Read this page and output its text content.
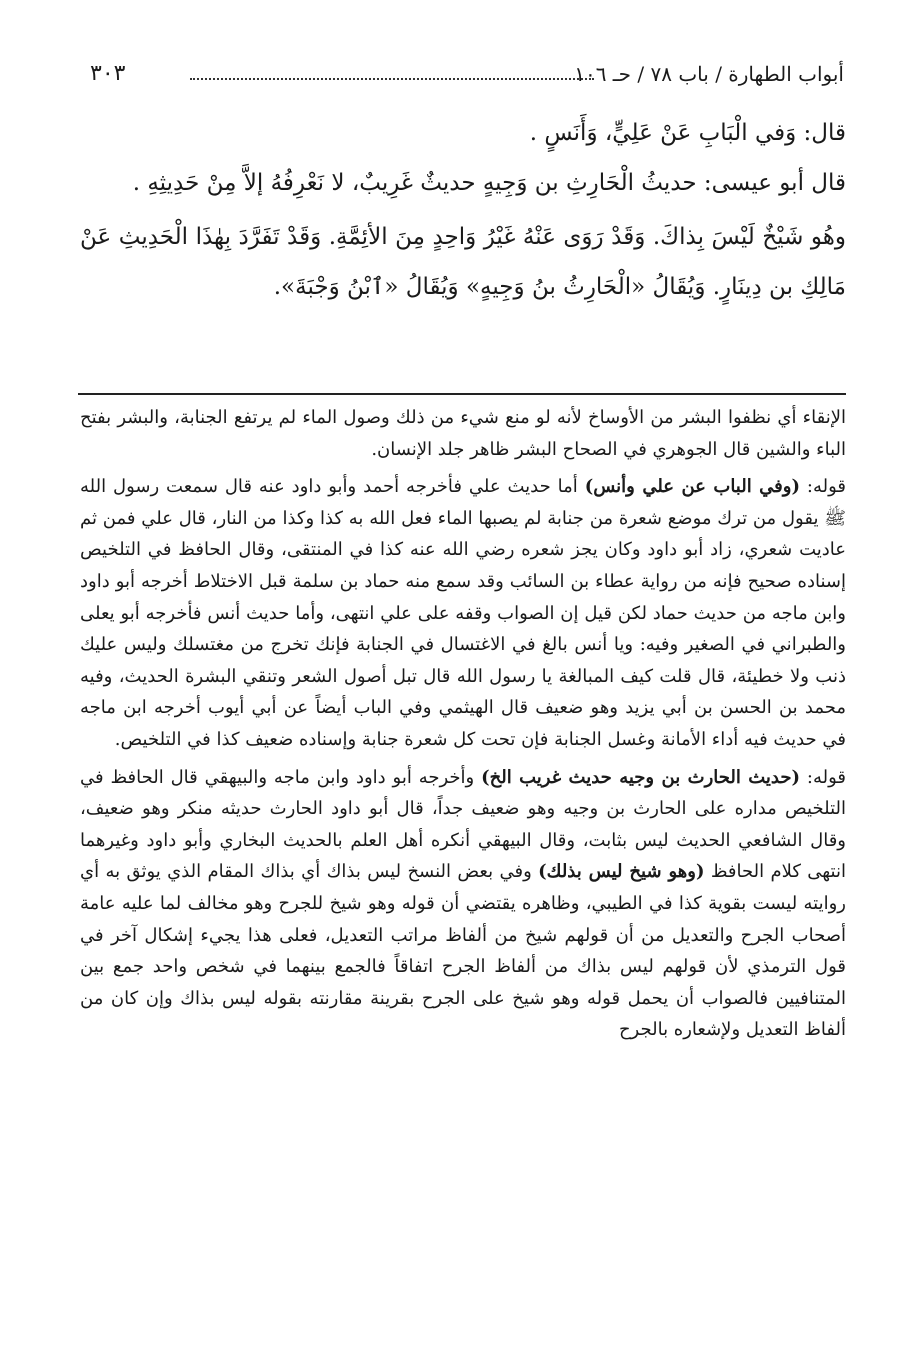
أبواب الطهارة / باب ٧٨ / حـ ١٠٦
٣٠٣

قال: وَفي الْبَابِ عَنْ عَلِيٍّ، وَأَنَسٍ .

قال أبو عيسى: حديثُ الْحَارِثِ بن وَجِيهٍ حديثٌ غَرِيبٌ، لا نَعْرِفُهُ إلاَّ مِنْ حَدِيثِهِ .

وهُو شَيْخٌ لَيْسَ بِذاكَ. وَقَدْ رَوَى عَنْهُ غَيْرُ وَاحِدٍ مِنَ الأئِمَّةِ. وَقَدْ تَفَرَّدَ بِهٰذَا الْحَدِيثِ عَنْ مَالِكِ بن دِينَارٍ. وَيُقَالُ «الْحَارِثُ بنُ وَجِيهٍ» وَيُقَالُ «ٱبْنُ وَجْبَةَ».

الإنقاء أي نظفوا البشر من الأوساخ لأنه لو منع شيء من ذلك وصول الماء لم يرتفع الجنابة، والبشر بفتح الباء والشين قال الجوهري في الصحاح البشر ظاهر جلد الإنسان.

قوله: (وفي الباب عن علي وأنس) أما حديث علي فأخرجه أحمد وأبو داود عنه قال سمعت رسول الله ﷺ يقول من ترك موضع شعرة من جنابة لم يصبها الماء فعل الله به كذا وكذا من النار، قال علي فمن ثم عاديت شعري، زاد أبو داود وكان يجز شعره رضي الله عنه كذا في المنتقى، وقال الحافظ في التلخيص إسناده صحيح فإنه من رواية عطاء بن السائب وقد سمع منه حماد بن سلمة قبل الاختلاط أخرجه أبو داود وابن ماجه من حديث حماد لكن قيل إن الصواب وقفه على علي انتهى، وأما حديث أنس فأخرجه أبو يعلى والطبراني في الصغير وفيه: ويا أنس بالغ في الاغتسال في الجنابة فإنك تخرج من مغتسلك وليس عليك ذنب ولا خطيئة، قال قلت كيف المبالغة يا رسول الله قال تبل أصول الشعر وتنقي البشرة الحديث، وفيه محمد بن الحسن بن أبي يزيد وهو ضعيف قال الهيثمي وفي الباب أيضاً عن أبي أيوب أخرجه ابن ماجه في حديث فيه أداء الأمانة وغسل الجنابة فإن تحت كل شعرة جنابة وإسناده ضعيف كذا في التلخيص.

قوله: (حديث الحارث بن وجيه حديث غريب الخ) وأخرجه أبو داود وابن ماجه والبيهقي قال الحافظ في التلخيص مداره على الحارث بن وجيه وهو ضعيف جداً، قال أبو داود الحارث حديثه منكر وهو ضعيف، وقال الشافعي الحديث ليس بثابت، وقال البيهقي أنكره أهل العلم بالحديث البخاري وأبو داود وغيرهما انتهى كلام الحافظ (وهو شيخ ليس بذلك) وفي بعض النسخ ليس بذاك أي بذاك المقام الذي يوثق به أي روايته ليست بقوية كذا في الطيبي، وظاهره يقتضي أن قوله وهو شيخ للجرح وهو مخالف لما عليه عامة أصحاب الجرح والتعديل من أن قولهم شيخ من ألفاظ مراتب التعديل، فعلى هذا يجيء إشكال آخر في قول الترمذي لأن قولهم ليس بذاك من ألفاظ الجرح اتفاقاً فالجمع بينهما في شخص واحد جمع بين المتنافيين فالصواب أن يحمل قوله وهو شيخ على الجرح بقرينة مقارنته بقوله ليس بذاك وإن كان من ألفاظ التعديل ولإشعاره بالجرح
